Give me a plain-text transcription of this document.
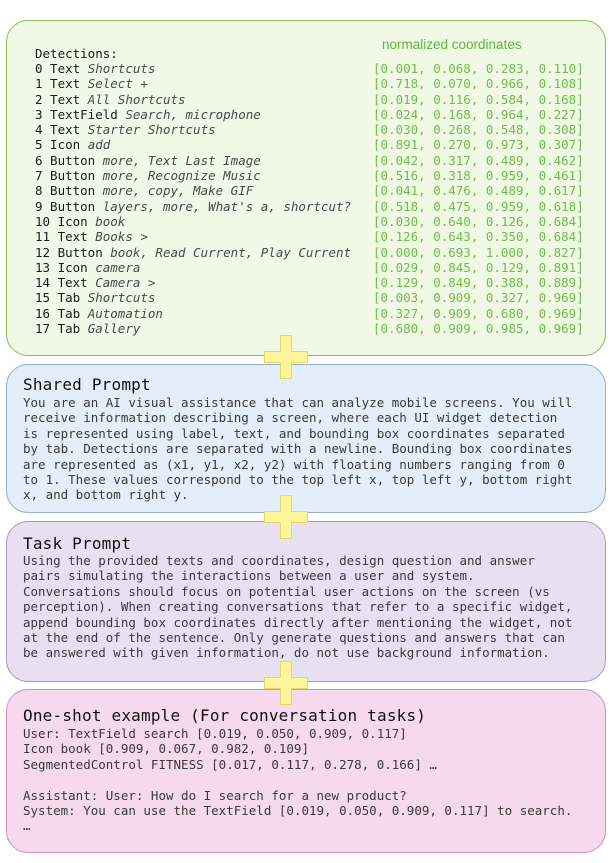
Detections:
normalized coordinates
0 Text Shortcuts	[0.001, 0.068, 0.283, 0.110]
1 Text Select +	[0.718, 0.070, 0.966, 0.108]
2 Text All Shortcuts	[0.019, 0.116, 0.584, 0.168]
3 TextField Search, microphone	[0.024, 0.168, 0.964, 0.227]
4 Text Starter Shortcuts	[0.030, 0.268, 0.548, 0.308]
5 Icon add	[0.891, 0.270, 0.973, 0.307]
6 Button more, Text Last Image	[0.042, 0.317, 0.489, 0.462]
7 Button more, Recognize Music	[0.516, 0.318, 0.959, 0.461]
8 Button more, copy, Make GIF	[0.041, 0.476, 0.489, 0.617]
9 Button layers, more, What's a, shortcut? [0.518, 0.475, 0.959, 0.618]
10 Icon book	[0.030, 0.640, 0.126, 0.684]
11 Text Books >	[0.126, 0.643, 0.350, 0.684]
12 Button book, Read Current, Play Current [0.000, 0.693, 1.000, 0.827]
13 Icon camera	[0.029, 0.845, 0.129, 0.891]
14 Text Camera >	[0.129, 0.849, 0.388, 0.889]
15 Tab Shortcuts	[0.003, 0.909, 0.327, 0.969]
16 Tab Automation	[0.327, 0.909, 0.680, 0.969]
17 Tab Gallery	[0.680, 0.909, 0.985, 0.969]
Shared Prompt
You are an AI visual assistance that can analyze mobile screens. You will
receive information describing a screen, where each UI widget detection
is represented using label, text, and bounding box coordinates separated
by tab. Detections are separated with a newline. Bounding box coordinates
are represented as (x1, y1, x2, y2) with floating numbers ranging from 0
to 1. These values correspond to the top left x, top left y, bottom right
x, and bottom right y.
Task Prompt
Using the provided texts and coordinates, design question and answer
pairs simulating the interactions between a user and system.
Conversations should focus on potential user actions on the screen (vs
perception). When creating conversations that refer to a specific widget,
append bounding box coordinates directly after mentioning the widget, not
at the end of the sentence. Only generate questions and answers that can
be answered with given information, do not use background information.
One-shot example (For conversation tasks)
User: TextField search [0.019, 0.050, 0.909, 0.117]
Icon book [0.909, 0.067, 0.982, 0.109]
SegmentedControl FITNESS [0.017, 0.117, 0.278, 0.166] …

Assistant: User: How do I search for a new product?
System: You can use the TextField [0.019, 0.050, 0.909, 0.117] to search.
…
